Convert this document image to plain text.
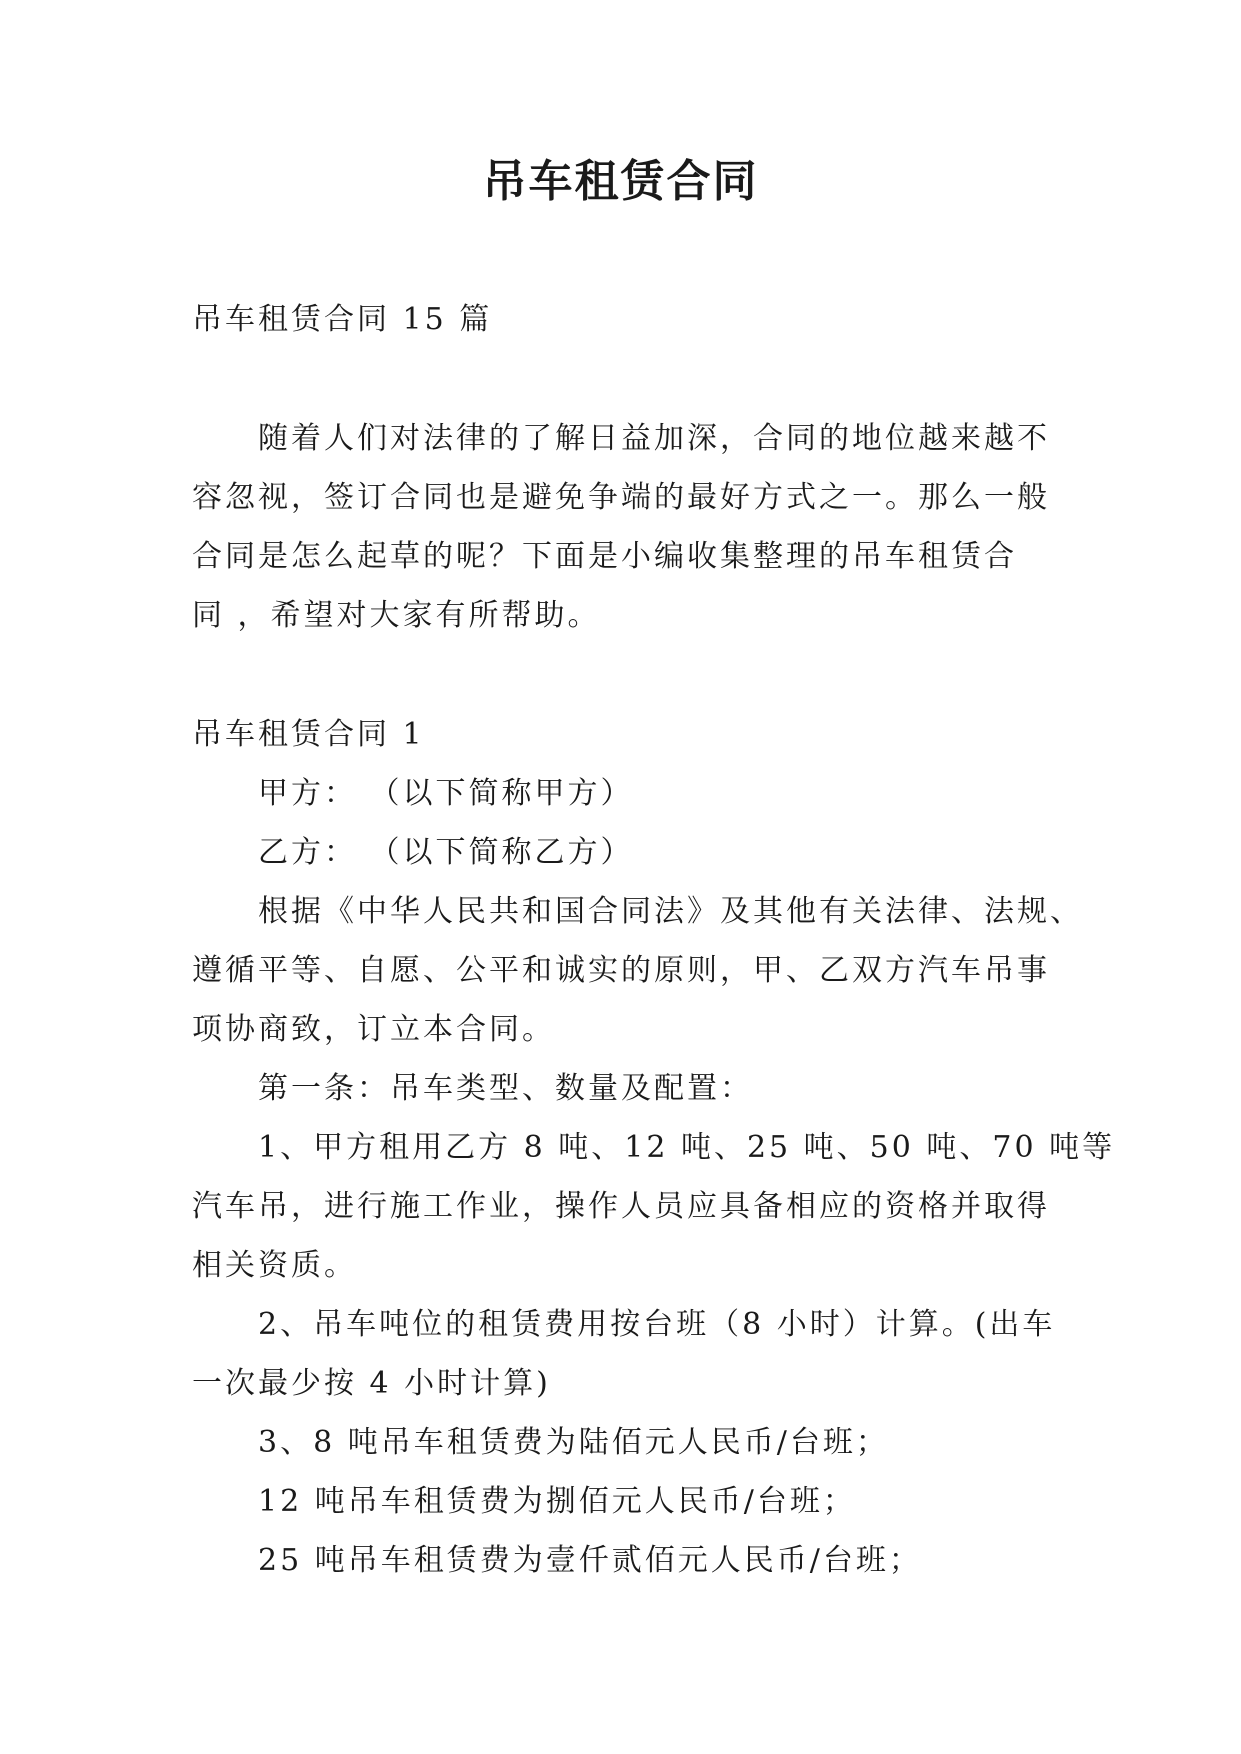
吊车租赁合同
吊车租赁合同 15 篇
随着人们对法律的了解日益加深，合同的地位越来越不
容忽视，签订合同也是避免争端的最好方式之一。那么一般
合同是怎么起草的呢？下面是小编收集整理的吊车租赁合
同 ，希望对大家有所帮助。
吊车租赁合同 1
甲方： （以下简称甲方）
乙方： （以下简称乙方）
根据《中华人民共和国合同法》及其他有关法律、法规、
遵循平等、自愿、公平和诚实的原则，甲、乙双方汽车吊事
项协商致，订立本合同。
第一条：吊车类型、数量及配置：
1、甲方租用乙方 8 吨、12 吨、25 吨、50 吨、70 吨等
汽车吊，进行施工作业，操作人员应具备相应的资格并取得
相关资质。
2、吊车吨位的租赁费用按台班（8 小时）计算。(出车
一次最少按 4 小时计算)
3、8 吨吊车租赁费为陆佰元人民币/台班；
12 吨吊车租赁费为捌佰元人民币/台班；
25 吨吊车租赁费为壹仟贰佰元人民币/台班；
